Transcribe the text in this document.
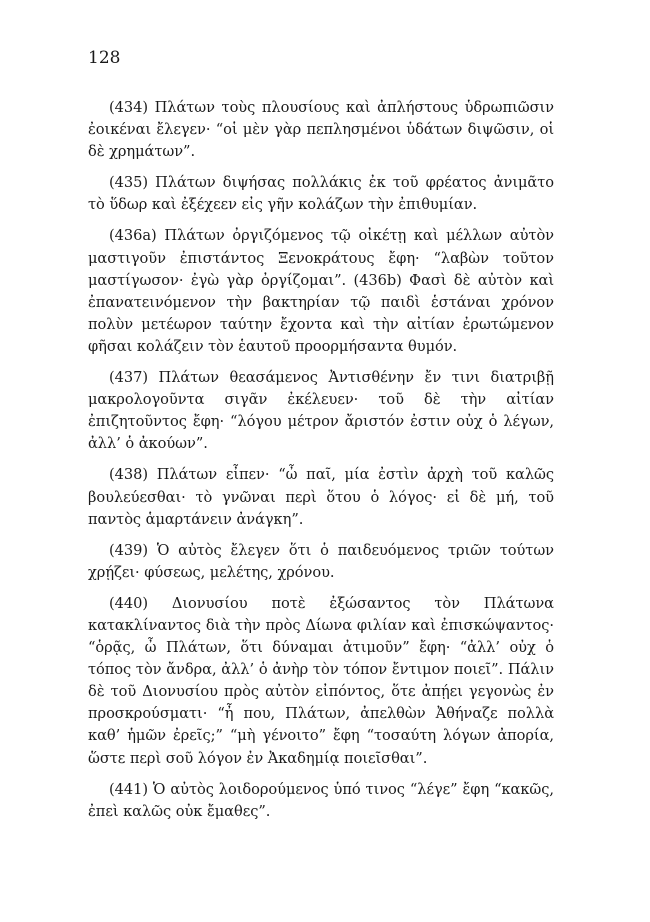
128

(434) Πλάτων τοὺς πλουσίους καὶ ἀπλήστους ὑδρωπιῶσιν ἐοικέναι ἔλεγεν· “οἱ μὲν γὰρ πεπλησμένοι ὑδάτων διψῶσιν, οἱ δὲ χρημάτων”.

(435) Πλάτων διψήσας πολλάκις ἐκ τοῦ φρέατος ἀνιμᾶτο τὸ ὕδωρ καὶ ἐξέχεεν εἰς γῆν κολάζων τὴν ἐπιθυμίαν.

(436a) Πλάτων ὀργιζόμενος τῷ οἰκέτῃ καὶ μέλλων αὐτὸν μαστιγοῦν ἐπιστάντος Ξενοκράτους ἔφη· “λαβὼν τοῦτον μαστίγωσον· ἐγὼ γὰρ ὀργίζομαι”. (436b) Φασὶ δὲ αὐτὸν καὶ ἐπανατεινόμενον τὴν βακτηρίαν τῷ παιδὶ ἑστάναι χρόνον πολὺν μετέωρον ταύτην ἔχοντα καὶ τὴν αἰτίαν ἐρωτώμενον φῆσαι κολάζειν τὸν ἑαυτοῦ προορμήσαντα θυμόν.

(437) Πλάτων θεασάμενος Ἀντισθένην ἔν τινι διατριβῇ μακρολογοῦντα σιγᾶν ἐκέλευεν· τοῦ δὲ τὴν αἰτίαν ἐπιζητοῦντος ἔφη· “λόγου μέτρον ἄριστόν ἐστιν οὐχ ὁ λέγων, ἀλλ’ ὁ ἀκούων”.

(438) Πλάτων εἶπεν· “ὦ παῖ, μία ἐστὶν ἀρχὴ τοῦ καλῶς βουλεύεσθαι· τὸ γνῶναι περὶ ὅτου ὁ λόγος· εἰ δὲ μή, τοῦ παντὸς ἁμαρτάνειν ἀνάγκη”.

(439) Ὁ αὐτὸς ἔλεγεν ὅτι ὁ παιδευόμενος τριῶν τούτων χρῄζει· φύσεως, μελέτης, χρόνου.

(440) Διονυσίου ποτὲ ἐξώσαντος τὸν Πλάτωνα κατακλίναντος διὰ τὴν πρὸς Δίωνα φιλίαν καὶ ἐπισκώψαντος· “ὁρᾷς, ὦ Πλάτων, ὅτι δύναμαι ἀτιμοῦν” ἔφη· “ἀλλ’ οὐχ ὁ τόπος τὸν ἄνδρα, ἀλλ’ ὁ ἀνὴρ τὸν τόπον ἔντιμον ποιεῖ”. Πάλιν δὲ τοῦ Διονυσίου πρὸς αὐτὸν εἰπόντος, ὅτε ἀπῄει γεγονὼς ἐν προσκρούσματι· “ἦ που, Πλάτων, ἀπελθὼν Ἀθήναζε πολλὰ καθ’ ἡμῶν ἐρεῖς;” “μὴ γένοιτο” ἔφη “τοσαύτη λόγων ἀπορία, ὥστε περὶ σοῦ λόγον ἐν Ἀκαδημίᾳ ποιεῖσθαι”.

(441) Ὁ αὐτὸς λοιδορούμενος ὑπό τινος “λέγε” ἔφη “κακῶς, ἐπεὶ καλῶς οὐκ ἔμαθες”.
